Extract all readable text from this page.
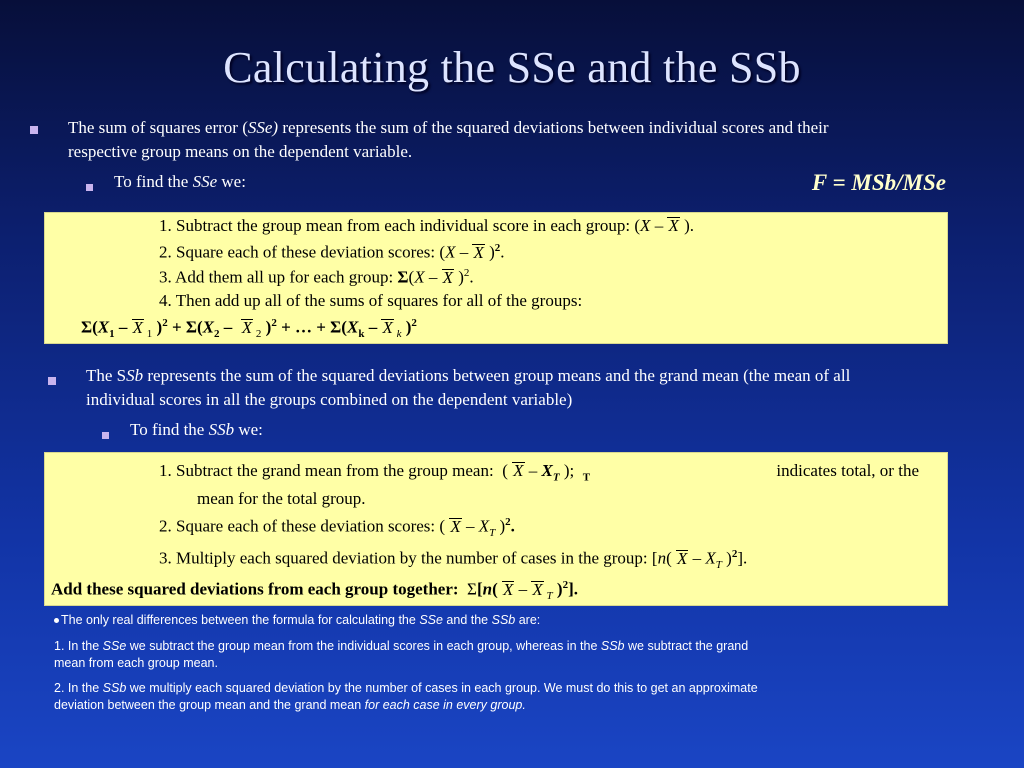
Calculating the SSe and the SSb
The sum of squares error (SSe) represents the sum of the squared deviations between individual scores and their
respective group means on the dependent variable.
To find the SSe we:	F = MSb/MSe
1. Subtract the group mean from each individual score in each group: (X – X ).
2. Square each of these deviation scores: (X – X )$^2$.
3. Add them all up for each group: Σ(X – X )$^2$.
4. Then add up all of the sums of squares for all of the groups:
$\Sigma(X_1$ – X $_1$ )$^2 + \Sigma(X_2 - X$ $_2$ )$^2$ + … + $\Sigma(X_k$ – X $_k$ )$^2$
The SSb represents the sum of the squared deviations between group means and the grand mean (the mean of all
individual scores in all the groups combined on the dependent variable)
To find the SSb we:
1. Subtract the grand mean from the group mean:  ( X – $X_T$ );  $_T$	indicates total, or the
mean for the total group.
2. Square each of these deviation scores: ( X – $X_T$ )$^2$.
3. Multiply each squared deviation by the number of cases in the group: [n( X – $X_T$ )$^2$].
Add these squared deviations from each group together: Σ[n( X – X $_T$ )$^2$].
The only real differences between the formula for calculating the SSe and the SSb are:
1. In the SSe we subtract the group mean from the individual scores in each group, whereas in the SSb we subtract the grand
mean from each group mean.
2. In the SSb we multiply each squared deviation by the number of cases in each group. We must do this to get an approximate
deviation between the group mean and the grand mean for each case in every group.
